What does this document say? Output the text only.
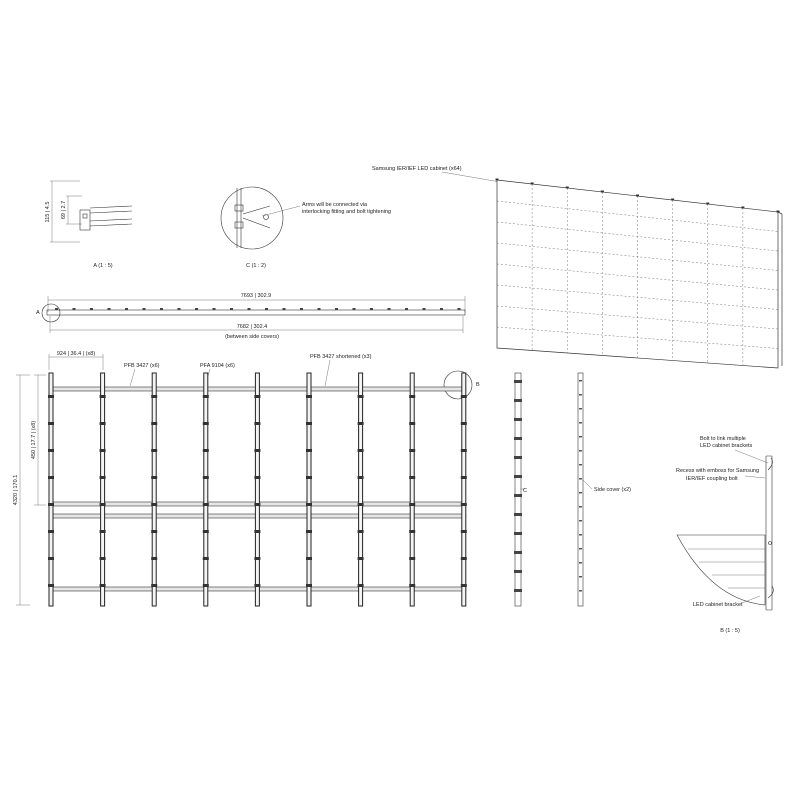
115 | 4.5 69 | 2.7
A (1 : 5)
Arms will be connected via
interlocking fitting and bolt tightening
C (1 : 2)
A
7693 | 302.9
7682 | 302.4
(between side covers)
924 | 36.4 | (x8)
PFB 3427 (x6)	PFA 9104 (x6)
PFB 3427 shortened (x3)
B
450 | 17.7 | (x8)
4320 | 170.1	C	Side cover (x2)
Samsung IER/IEF LED cabinet (x64)
Bolt to link multiple
LED cabinet brackets
Recess with emboss for Samsung
IER/IEF coupling bolt
LED cabinet bracket
B (1 : 5)
